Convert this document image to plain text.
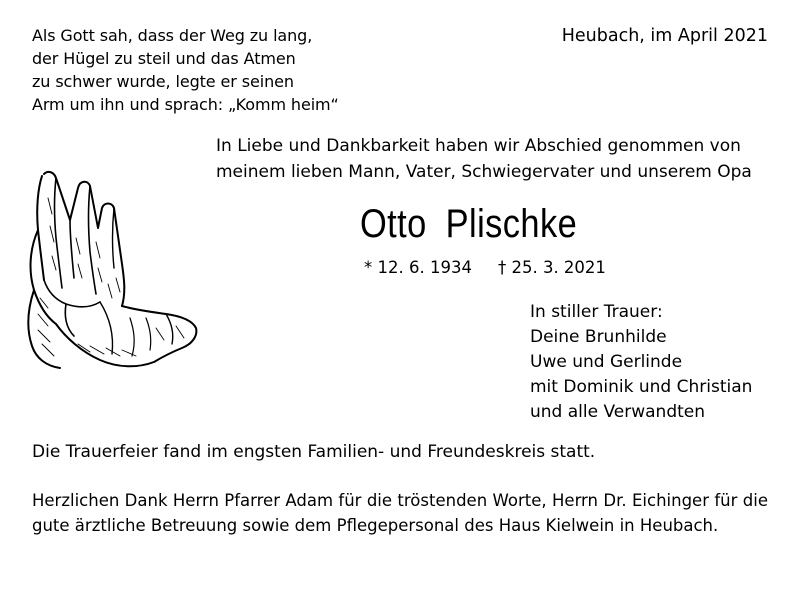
Als Gott sah, dass der Weg zu lang,
der Hügel zu steil und das Atmen
zu schwer wurde, legte er seinen
Arm um ihn und sprach: „Komm heim“
Heubach, im April 2021
In Liebe und Dankbarkeit haben wir Abschied genommen von
meinem lieben Mann, Vater, Schwiegervater und unserem Opa
Otto Plischke
* 12. 6. 1934 † 25. 3. 2021
In stiller Trauer:
Deine Brunhilde
Uwe und Gerlinde
mit Dominik und Christian
und alle Verwandten
Die Trauerfeier fand im engsten Familien- und Freundeskreis statt.
Herzlichen Dank Herrn Pfarrer Adam für die tröstenden Worte, Herrn Dr. Eichinger für die gute ärztliche Betreuung sowie dem Pflegepersonal des Haus Kielwein in Heubach.
